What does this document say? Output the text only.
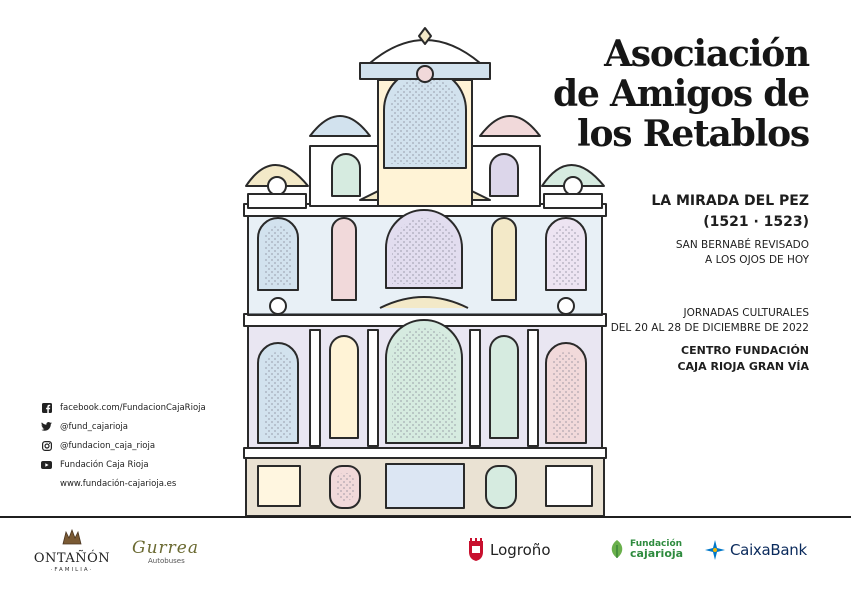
Asociación
de Amigos de
los Retablos
LA MIRADA DEL PEZ
(1521 · 1523)
SAN BERNABÉ REVISADO
A LOS OJOS DE HOY
JORNADAS CULTURALES
DEL 20 AL 28 DE DICIEMBRE DE 2022
CENTRO FUNDACIÓN
CAJA RIOJA GRAN VÍA
facebook.com/FundacionCajaRioja
@fund_cajarioja
@fundacion_caja_rioja
Fundación Caja Rioja
www.fundación-cajarioja.es
ONTAÑÓN
·FAMILIA·
Gurrea
Autobuses
Logroño	Fundación
cajarioja	CaixaBank
